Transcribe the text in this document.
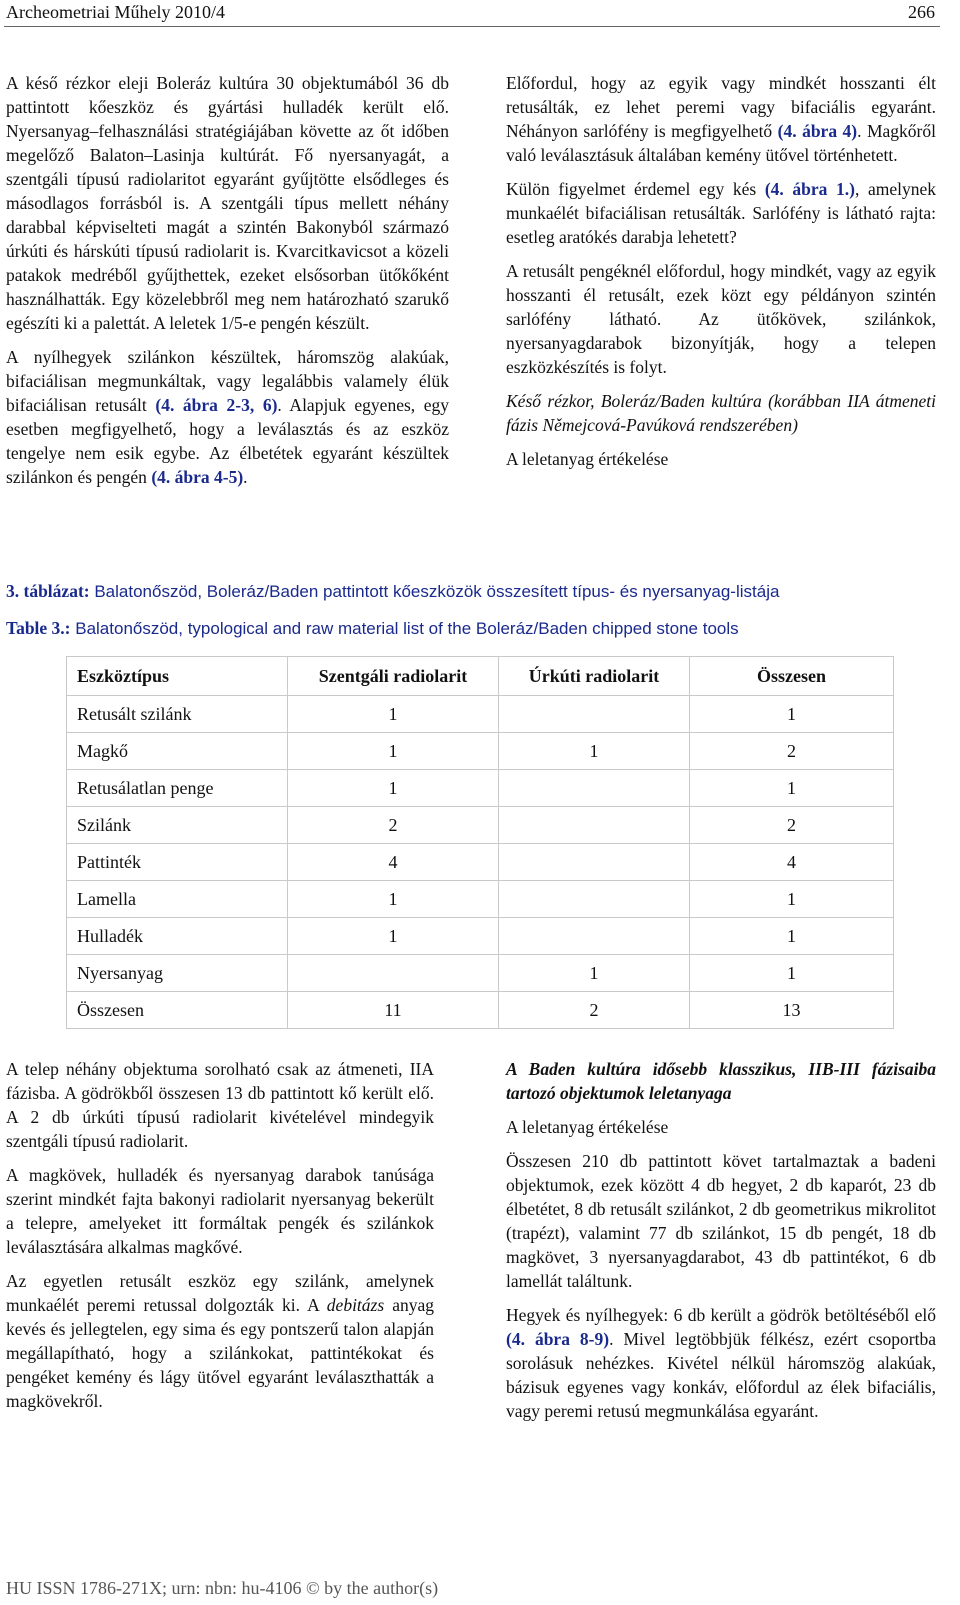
Archeometriai Műhely 2010/4	266

A késő rézkor eleji Boleráz kultúra 30 objektumából 36 db pattintott kőeszköz és gyártási hulladék került elő. Nyersanyag–felhasználási stratégiájában követte az őt időben megelőző Balaton–Lasinja kultúrát. Fő nyersanyagát, a szentgáli típusú radiolaritot egyaránt gyűjtötte elsődleges és másodlagos forrásból is. A szentgáli típus mellett néhány darabbal képviselteti magát a szintén Bakonyból származó úrkúti és hárskúti típusú radiolarit is. Kvarcitkavicsot a közeli patakok medréből gyűjthettek, ezeket elsősorban ütőkőként használhatták. Egy közelebbről meg nem határozható szarukő egészíti ki a palettát. A leletek 1/5-e pengén készült.

A nyílhegyek szilánkon készültek, háromszög alakúak, bifaciálisan megmunkáltak, vagy legalábbis valamely élük bifaciálisan retusált (4. ábra 2-3, 6). Alapjuk egyenes, egy esetben megfigyelhető, hogy a leválasztás és az eszköz tengelye nem esik egybe. Az élbetétek egyaránt készültek szilánkon és pengén (4. ábra 4-5).

Előfordul, hogy az egyik vagy mindkét hosszanti élt retusálták, ez lehet peremi vagy bifaciális egyaránt. Néhányon sarlófény is megfigyelhető (4. ábra 4). Magkőről való leválasztásuk általában kemény ütővel történhetett.

Külön figyelmet érdemel egy kés (4. ábra 1.), amelynek munkaélét bifaciálisan retusálták. Sarlófény is látható rajta: esetleg aratókés darabja lehetett?

A retusált pengéknél előfordul, hogy mindkét, vagy az egyik hosszanti él retusált, ezek közt egy példányon szintén sarlófény látható. Az ütőkövek, szilánkok, nyersanyagdarabok bizonyítják, hogy a telepen eszközkészítés is folyt.

Késő rézkor, Boleráz/Baden kultúra (korábban IIA átmeneti fázis Němejcová-Pavúková rendszerében)

A leletanyag értékelése

3. táblázat: Balatonőszöd, Boleráz/Baden pattintott kőeszközök összesített típus- és nyersanyag-listája
Table 3.: Balatonőszöd, typological and raw material list of the Boleráz/Baden chipped stone tools
Eszköztípus	Szentgáli radiolarit	Úrkúti radiolarit	Összesen
Retusált szilánk	1		1
Magkő	1	1	2
Retusálatlan penge	1		1
Szilánk	2		2
Pattinték	4		4
Lamella	1		1
Hulladék	1		1
Nyersanyag		1	1
Összesen	11	2	13

A telep néhány objektuma sorolható csak az átmeneti, IIA fázisba. A gödrökből összesen 13 db pattintott kő került elő. A 2 db úrkúti típusú radiolarit kivételével mindegyik szentgáli típusú radiolarit.

A magkövek, hulladék és nyersanyag darabok tanúsága szerint mindkét fajta bakonyi radiolarit nyersanyag bekerült a telepre, amelyeket itt formáltak pengék és szilánkok leválasztására alkalmas magkővé.

Az egyetlen retusált eszköz egy szilánk, amelynek munkaélét peremi retussal dolgozták ki. A debitázs anyag kevés és jellegtelen, egy sima és egy pontszerű talon alapján megállapítható, hogy a szilánkokat, pattintékokat és pengéket kemény és lágy ütővel egyaránt leválaszthatták a magkövekről.

A Baden kultúra idősebb klasszikus, IIB-III fázisaiba tartozó objektumok leletanyaga

A leletanyag értékelése

Összesen 210 db pattintott követ tartalmaztak a badeni objektumok, ezek között 4 db hegyet, 2 db kaparót, 23 db élbetétet, 8 db retusált szilánkot, 2 db geometrikus mikrolitot (trapézt), valamint 77 db szilánkot, 15 db pengét, 18 db magkövet, 3 nyersanyagdarabot, 43 db pattintékot, 6 db lamellát találtunk.

Hegyek és nyílhegyek: 6 db került a gödrök betöltéséből elő (4. ábra 8-9). Mivel legtöbbjük félkész, ezért csoportba sorolásuk nehézkes. Kivétel nélkül háromszög alakúak, bázisuk egyenes vagy konkáv, előfordul az élek bifaciális, vagy peremi retusú megmunkálása egyaránt.

HU ISSN 1786-271X; urn: nbn: hu-4106 © by the author(s)
